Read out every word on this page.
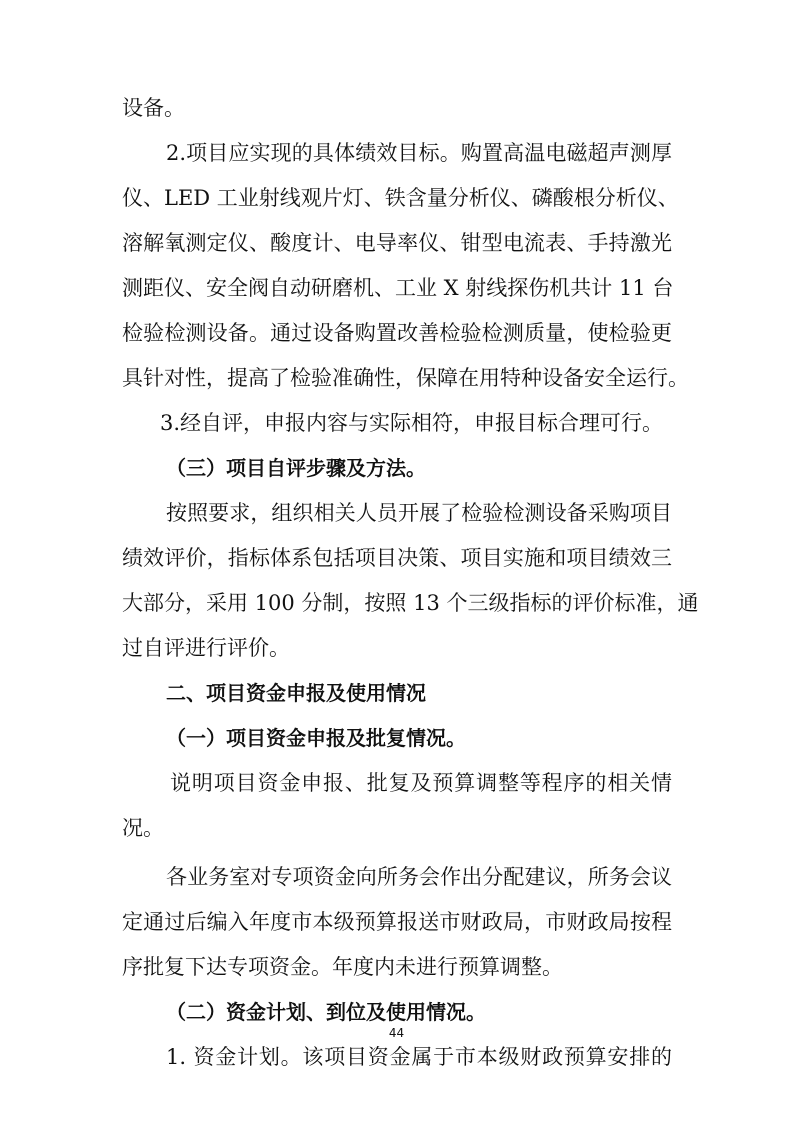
设备。
2.项目应实现的具体绩效目标。购置高温电磁超声测厚
仪、LED 工业射线观片灯、铁含量分析仪、磷酸根分析仪、
溶解氧测定仪、酸度计、电导率仪、钳型电流表、手持激光
测距仪、安全阀自动研磨机、工业 X 射线探伤机共计 11 台
检验检测设备。通过设备购置改善检验检测质量，使检验更
具针对性，提高了检验准确性，保障在用特种设备安全运行。
3.经自评，申报内容与实际相符，申报目标合理可行。
（三）项目自评步骤及方法。
按照要求，组织相关人员开展了检验检测设备采购项目
绩效评价，指标体系包括项目决策、项目实施和项目绩效三
大部分，采用 100 分制，按照 13 个三级指标的评价标准，通
过自评进行评价。
二、项目资金申报及使用情况
（一）项目资金申报及批复情况。
说明项目资金申报、批复及预算调整等程序的相关情
况。
各业务室对专项资金向所务会作出分配建议，所务会议
定通过后编入年度市本级预算报送市财政局，市财政局按程
序批复下达专项资金。年度内未进行预算调整。
（二）资金计划、到位及使用情况。
1. 资金计划。该项目资金属于市本级财政预算安排的
44
